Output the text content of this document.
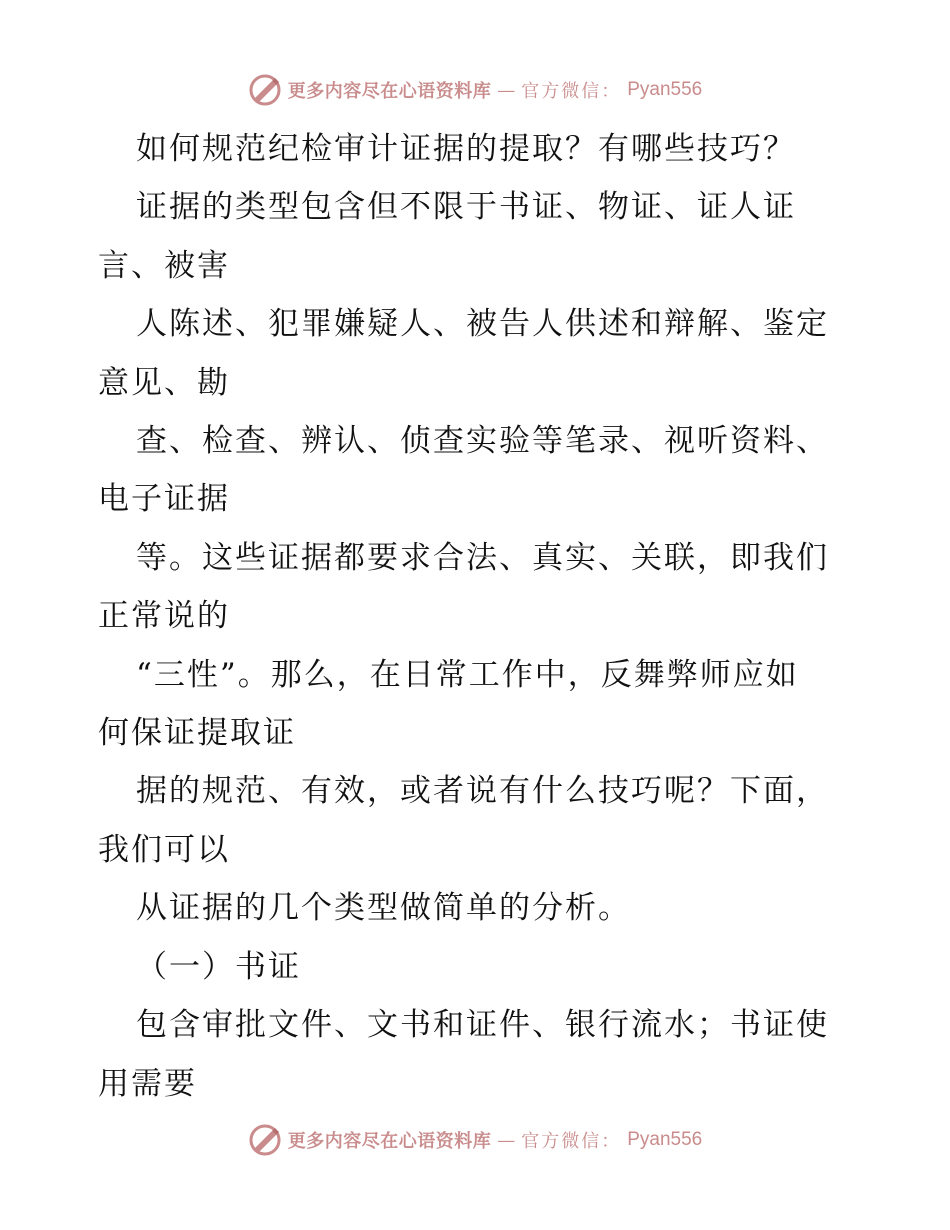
更多内容尽在心语资料库 — 官方微信： Pyan556
如何规范纪检审计证据的提取？有哪些技巧？
证据的类型包含但不限于书证、物证、证人证
言、被害
人陈述、犯罪嫌疑人、被告人供述和辩解、鉴定
意见、勘
查、检查、辨认、侦查实验等笔录、视听资料、
电子证据
等。这些证据都要求合法、真实、关联，即我们
正常说的
“三性”。那么，在日常工作中，反舞弊师应如
何保证提取证
据的规范、有效，或者说有什么技巧呢？下面，
我们可以
从证据的几个类型做简单的分析。
（一）书证
包含审批文件、文书和证件、银行流水；书证使
用需要
更多内容尽在心语资料库 — 官方微信： Pyan556
